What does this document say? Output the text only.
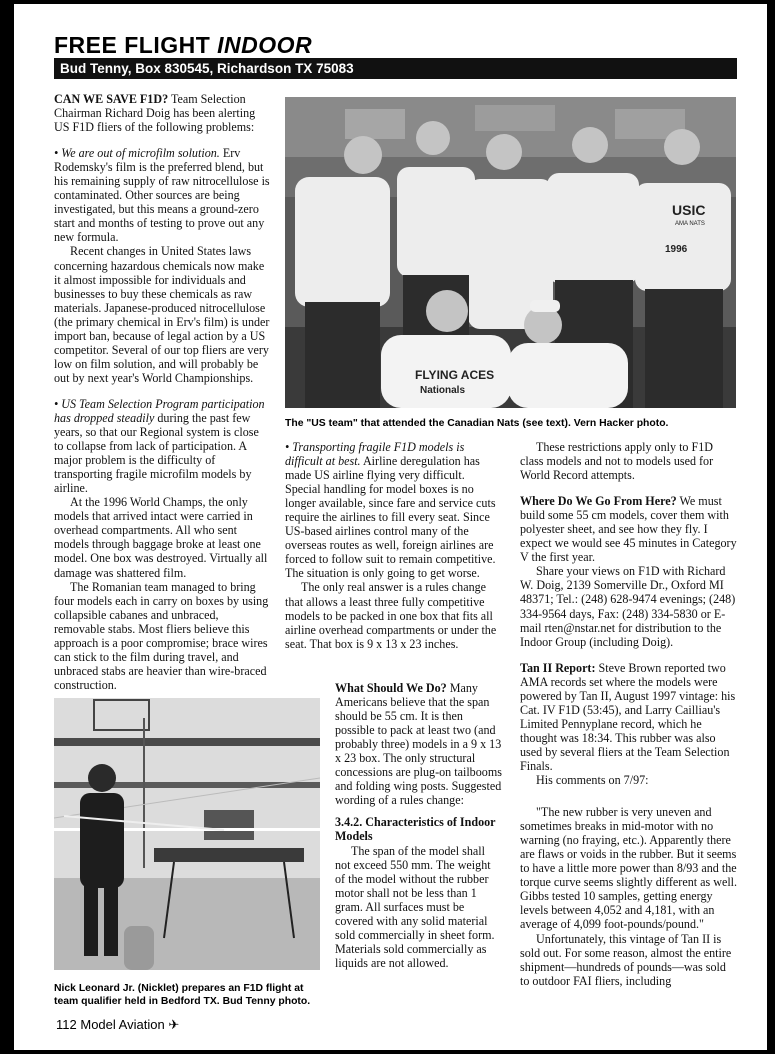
FREE FLIGHT INDOOR
Bud Tenny, Box 830545, Richardson TX 75083

CAN WE SAVE F1D? Team Selection Chairman Richard Doig has been alerting US F1D fliers of the following problems:

• We are out of microfilm solution. Erv Rodemsky's film is the preferred blend, but his remaining supply of raw nitrocellulose is contaminated. Other sources are being investigated, but this means a ground-zero start and months of testing to prove out any new formula.

Recent changes in United States laws concerning hazardous chemicals now make it almost impossible for individuals and businesses to buy these chemicals as raw materials. Japanese-produced nitrocellulose (the primary chemical in Erv's film) is under import ban, because of legal action by a US competitor. Several of our top fliers are very low on film solution, and will probably be out by next year's World Championships.

• US Team Selection Program participation has dropped steadily during the past few years, so that our Regional system is close to collapse from lack of participation. A major problem is the difficulty of transporting fragile microfilm models by airline.

At the 1996 World Champs, the only models that arrived intact were carried in overhead compartments. All who sent models through baggage broke at least one model. One box was destroyed. Virtually all damage was shattered film.

The Romanian team managed to bring four models each in carry on boxes by using collapsible cabanes and unbraced, removable stabs. Most fliers believe this approach is a poor compromise; brace wires can stick to the film during travel, and unbraced stabs are heavier than wire-braced construction.

USIC
AMA NATS
1996
FLYING ACES
Nationals
The "US team" that attended the Canadian Nats (see text). Vern Hacker photo.

• Transporting fragile F1D models is difficult at best. Airline deregulation has made US airline flying very difficult. Special handling for model boxes is no longer available, since fare and service cuts require the airlines to fill every seat. Since US-based airlines control many of the overseas routes as well, foreign airlines are forced to follow suit to remain competitive. The situation is only going to get worse.

The only real answer is a rules change that allows a least three fully competitive models to be packed in one box that fits all airline overhead compartments or under the seat. That box is 9 x 13 x 23 inches.

These restrictions apply only to F1D class models and not to models used for World Record attempts.

Where Do We Go From Here? We must build some 55 cm models, cover them with polyester sheet, and see how they fly. I expect we would see 45 minutes in Category V the first year.

Share your views on F1D with Richard W. Doig, 2139 Somerville Dr., Oxford MI 48371; Tel.: (248) 628-9474 evenings; (248) 334-9564 days, Fax: (248) 334-5830 or E-mail rten@nstar.net for distribution to the Indoor Group (including Doig).

Tan II Report: Steve Brown reported two AMA records set where the models were powered by Tan II, August 1997 vintage: his Cat. IV F1D (53:45), and Larry Cailliau's Limited Pennyplane record, which he thought was 18:34. This rubber was also used by several fliers at the Team Selection Finals.

His comments on 7/97:

"The new rubber is very uneven and sometimes breaks in mid-motor with no warning (no fraying, etc.). Apparently there are flaws or voids in the rubber. But it seems to have a little more power than 8/93 and the torque curve seems slightly different as well. Gibbs tested 10 samples, getting energy levels between 4,052 and 4,181, with an average of 4,099 foot-pounds/pound."

Unfortunately, this vintage of Tan II is sold out. For some reason, almost the entire shipment—hundreds of pounds—was sold to outdoor FAI fliers, including

Nick Leonard Jr. (Nicklet) prepares an F1D flight at team qualifier held in Bedford TX. Bud Tenny photo.

What Should We Do? Many Americans believe that the span should be 55 cm. It is then possible to pack at least two (and probably three) models in a 9 x 13 x 23 box. The only structural concessions are plug-on tailbooms and folding wing posts. Suggested wording of a rules change:

3.4.2. Characteristics of Indoor Models

The span of the model shall not exceed 550 mm. The weight of the model without the rubber motor shall not be less than 1 gram. All surfaces must be covered with any solid material sold commercially in sheet form. Materials sold commercially as liquids are not allowed.

112 Model Aviation ✈
